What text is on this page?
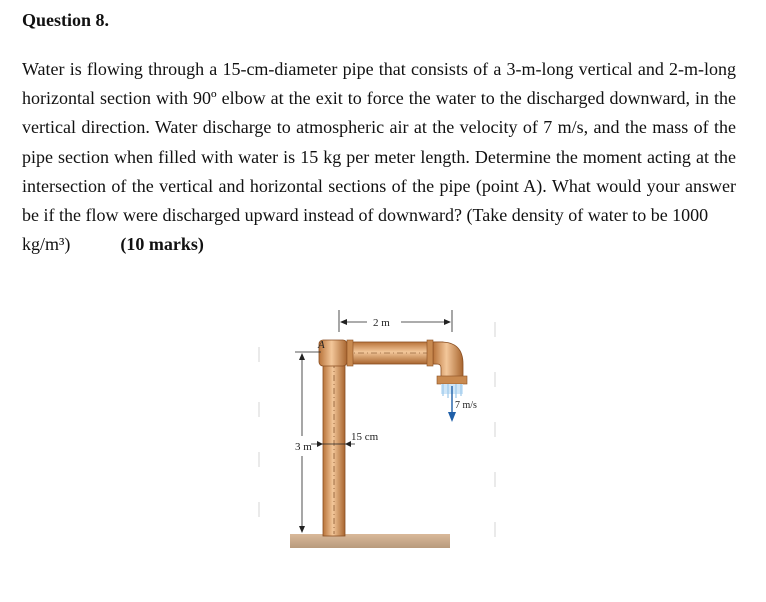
Question 8.
Water is flowing through a 15-cm-diameter pipe that consists of a 3-m-long vertical and 2-m-long horizontal section with 90º elbow at the exit to force the water to the discharged downward, in the vertical direction. Water discharge to atmospheric air at the velocity of 7 m/s, and the mass of the pipe section when filled with water is 15 kg per meter length. Determine the moment acting at the intersection of the vertical and horizontal sections of the pipe (point A). What would your answer be if the flow were discharged upward instead of downward? (Take density of water to be 1000
kg/m³)	(10 marks)
7 m/s
2 m
A
3 m
15 cm
